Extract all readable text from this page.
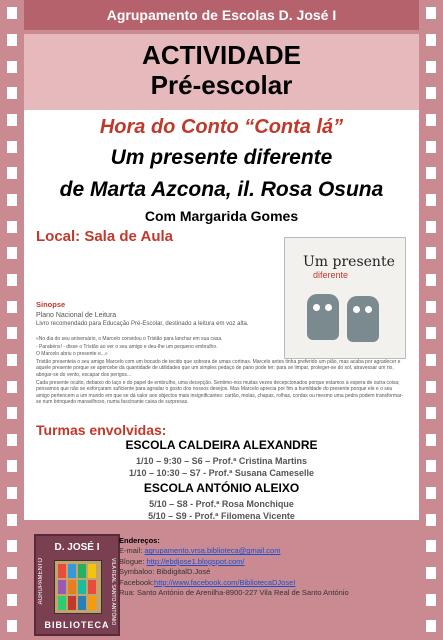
Agrupamento de Escolas D. José I
ACTIVIDADE
Pré-escolar
Hora do Conto “Conta lá”
Um presente diferente
de Marta Azcona, il. Rosa Osuna
Com Margarida Gomes
Local: Sala de Aula
Um presente
diferente
Sinopse
Plano Nacional de Leitura
Livro recomendado para Educação Pré-Escolar, destinado a leitura em voz alta.

«No dia do seu aniversário, o Marcelo convidou o Tristão para lanchar em sua casa.

- Parabéns! - disse o Tristão ao ver o seu amigo e deu-lhe um pequeno embrulho.

O Marcelo abriu o presente e...»

Tristão presenteia o seu amigo Marcelo com um bocado de tecido que sobrara de umas cortinas. Marcelo antes tinha preferido um pião, mas acaba por agradecer e aquele presente porque se apercebe da quantidade de utilidades que um simples pedaço de pano pode ter: para se limpar, proteger-se do sol, atravessar um rio, abrigar-se do vento, escapar dos perigos...

Cada presente oculto, debaixo do laço e do papel de embrulho, uma decepção. Sentimo-nos muitas vezes decepcionados porque estamos à espera de outra coisa; pensamos que não se esforçaram suficiente para agradar o gosto dos nossos desejos. Mas Marcelo aprecia por fim a humildade do presente porque ele e o seu amigo pertencem a um mundo em que se dá valor aos objectos mais insignificantes: cartão, molas, chapas, rolhas, cordas ou mesmo uma pedra podem transformar-se num brinquedo maravilhoso, numa fascinante caixa de surpresas.

Turmas envolvidas:
ESCOLA CALDEIRA ALEXANDRE
1/10 – 9:30 – S6 – Prof.ª Cristina Martins
1/10 – 10:30 – S7 - Prof.ª Susana Cameselle
ESCOLA ANTÓNIO ALEIXO
5/10 – S8 - Prof.ª Rosa Monchique
5/10 – S9 - Prof.ª Filomena Vicente
D. JOSÉ I
AGRUPAMENTO	VILA REAL SANTO ANTÓNIO
BIBLIOTECA
Endereços:
E-mail: agrupamento.vrsa.biblioteca@gmail.com
Blogue: http://ebdjose1.blogspot.com/
Symbaloo: BibdigitalD.José
Facebook:http://www.facebook.com/BibliotecaDJoseI
Rua: Santo António de Arenilha-8900-227 Vila Real de Santo António
